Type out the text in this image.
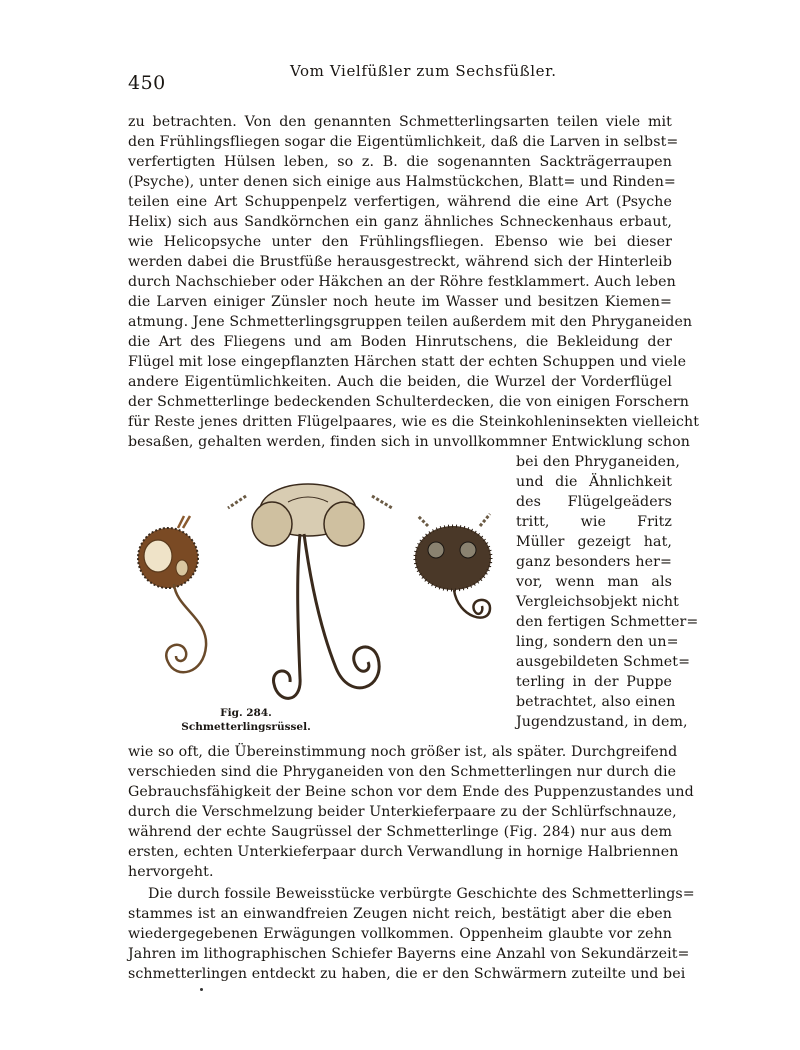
450
Vom Vielfüßler zum Sechsfüßler.
zu betrachten. Von den genannten Schmetterlingsarten teilen viele mit
den Frühlingsfliegen sogar die Eigentümlichkeit, daß die Larven in selbst=
verfertigten Hülsen leben, so z. B. die sogenannten Sackträgerraupen
(Psyche), unter denen sich einige aus Halmstückchen, Blatt= und Rinden=
teilen eine Art Schuppenpelz verfertigen, während die eine Art (Psyche
Helix) sich aus Sandkörnchen ein ganz ähnliches Schneckenhaus erbaut,
wie Helicopsyche unter den Frühlingsfliegen. Ebenso wie bei dieser
werden dabei die Brustfüße herausgestreckt, während sich der Hinterleib
durch Nachschieber oder Häkchen an der Röhre festklammert. Auch leben
die Larven einiger Zünsler noch heute im Wasser und besitzen Kiemen=
atmung. Jene Schmetterlingsgruppen teilen außerdem mit den Phryganeiden
die Art des Fliegens und am Boden Hinrutschens, die Bekleidung der
Flügel mit lose eingepflanzten Härchen statt der echten Schuppen und viele
andere Eigentümlichkeiten. Auch die beiden, die Wurzel der Vorderflügel
der Schmetterlinge bedeckenden Schulterdecken, die von einigen Forschern
für Reste jenes dritten Flügelpaares, wie es die Steinkohleninsekten vielleicht
besaßen, gehalten werden, finden sich in unvollkommner Entwicklung schon
bei den Phryganeiden,
und die Ähnlichkeit
des Flügelgeäders
tritt, wie Fritz
Müller gezeigt hat,
ganz besonders her=
vor, wenn man als
Vergleichsobjekt nicht
den fertigen Schmetter=
ling, sondern den un=
ausgebildeten Schmet=
terling in der Puppe
betrachtet, also einen
Jugendzustand, in dem,
Fig. 284.
Schmetterlingsrüssel.
wie so oft, die Übereinstimmung noch größer ist, als später. Durchgreifend
verschieden sind die Phryganeiden von den Schmetterlingen nur durch die
Gebrauchsfähigkeit der Beine schon vor dem Ende des Puppenzustandes und
durch die Verschmelzung beider Unterkieferpaare zu der Schlürfschnauze,
während der echte Saugrüssel der Schmetterlinge (Fig. 284) nur aus dem
ersten, echten Unterkieferpaar durch Verwandlung in hornige Halbriennen
hervorgeht.
Die durch fossile Beweisstücke verbürgte Geschichte des Schmetterlings=
stammes ist an einwandfreien Zeugen nicht reich, bestätigt aber die eben
wiedergegebenen Erwägungen vollkommen. Oppenheim glaubte vor zehn
Jahren im lithographischen Schiefer Bayerns eine Anzahl von Sekundärzeit=
schmetterlingen entdeckt zu haben, die er den Schwärmern zuteilte und bei
